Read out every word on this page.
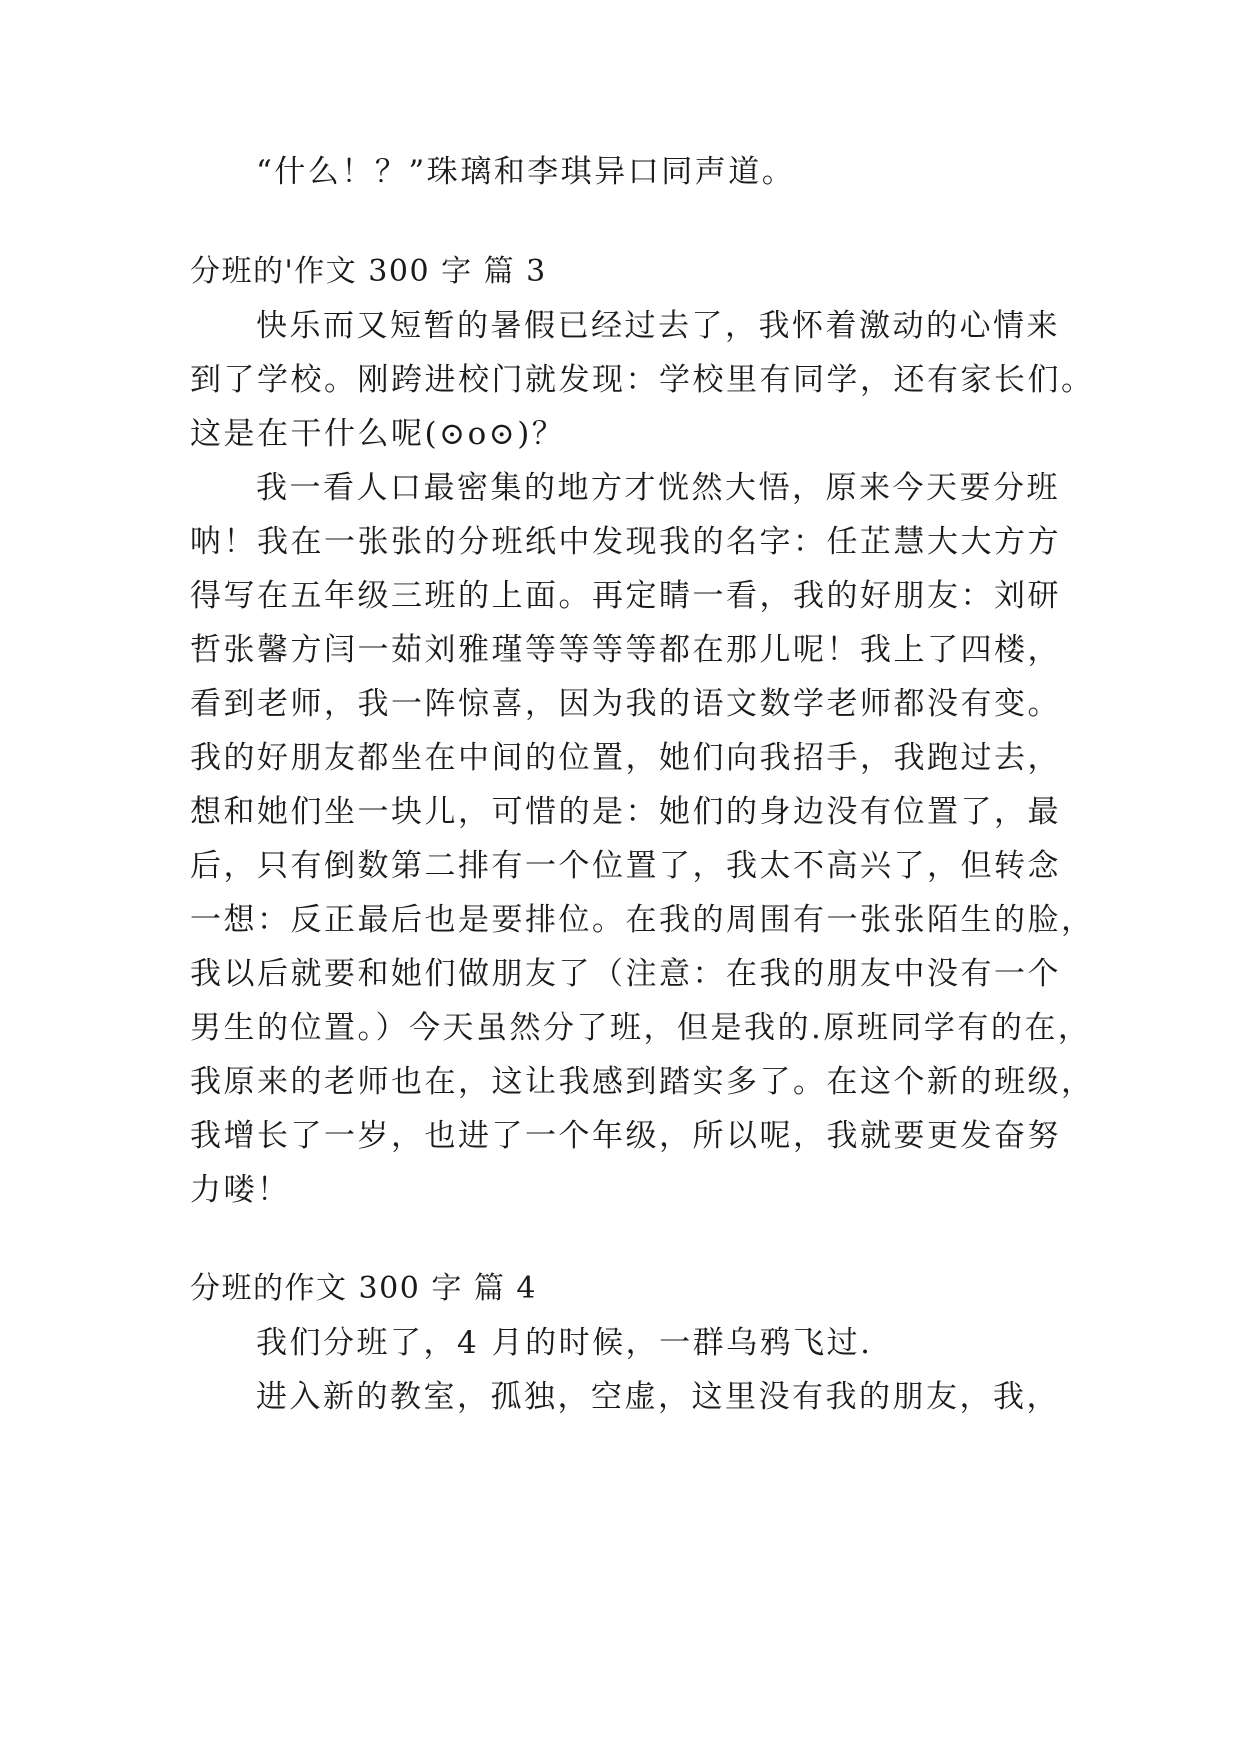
“什么！？”珠璃和李琪异口同声道。
分班的'作文 300 字 篇 3
快乐而又短暂的暑假已经过去了，我怀着激动的心情来
到了学校。刚跨进校门就发现：学校里有同学，还有家长们。
这是在干什么呢(⊙o⊙)？
我一看人口最密集的地方才恍然大悟，原来今天要分班
呐！我在一张张的分班纸中发现我的名字：任芷慧大大方方
得写在五年级三班的上面。再定睛一看，我的好朋友：刘研
哲张馨方闫一茹刘雅瑾等等等等都在那儿呢！我上了四楼，
看到老师，我一阵惊喜，因为我的语文数学老师都没有变。
我的好朋友都坐在中间的位置，她们向我招手，我跑过去，
想和她们坐一块儿，可惜的是：她们的身边没有位置了，最
后，只有倒数第二排有一个位置了，我太不高兴了，但转念
一想：反正最后也是要排位。在我的周围有一张张陌生的脸，
我以后就要和她们做朋友了（注意：在我的朋友中没有一个
男生的位置。）今天虽然分了班，但是我的.原班同学有的在，
我原来的老师也在，这让我感到踏实多了。在这个新的班级，
我增长了一岁，也进了一个年级，所以呢，我就要更发奋努
力喽！
分班的作文 300 字 篇 4
我们分班了，4 月的时候，一群乌鸦飞过.
进入新的教室，孤独，空虚，这里没有我的朋友，我，
